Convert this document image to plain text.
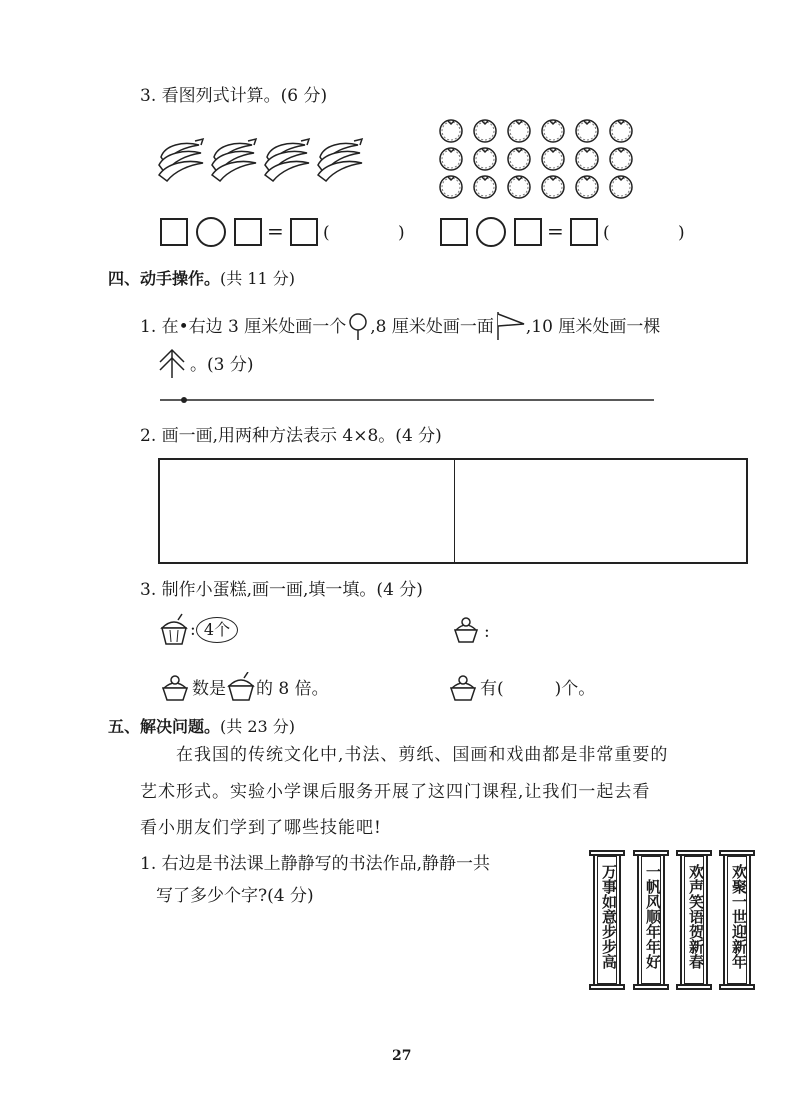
3. 看图列式计算。(6 分)
= (	)	= (	)
四、动手操作。(共 11 分)
1. 在•右边 3 厘米处画一个 ,8 厘米处画一面 ,10 厘米处画一棵
。(3 分)
2. 画一画,用两种方法表示 4×8。(4 分)
3. 制作小蛋糕,画一画,填一填。(4 分)
: 4个	:
数是 的 8 倍。	有(　　　)个。
五、解决问题。(共 23 分)
在我国的传统文化中,书法、剪纸、国画和戏曲都是非常重要的
艺术形式。实验小学课后服务开展了这四门课程,让我们一起去看
看小朋友们学到了哪些技能吧!
1. 右边是书法课上静静写的书法作品,静静一共
写了多少个字?(4 分)	万事如意步步高	一帆风顺年年好	欢声笑语贺新春	欢聚一世迎新年
27
